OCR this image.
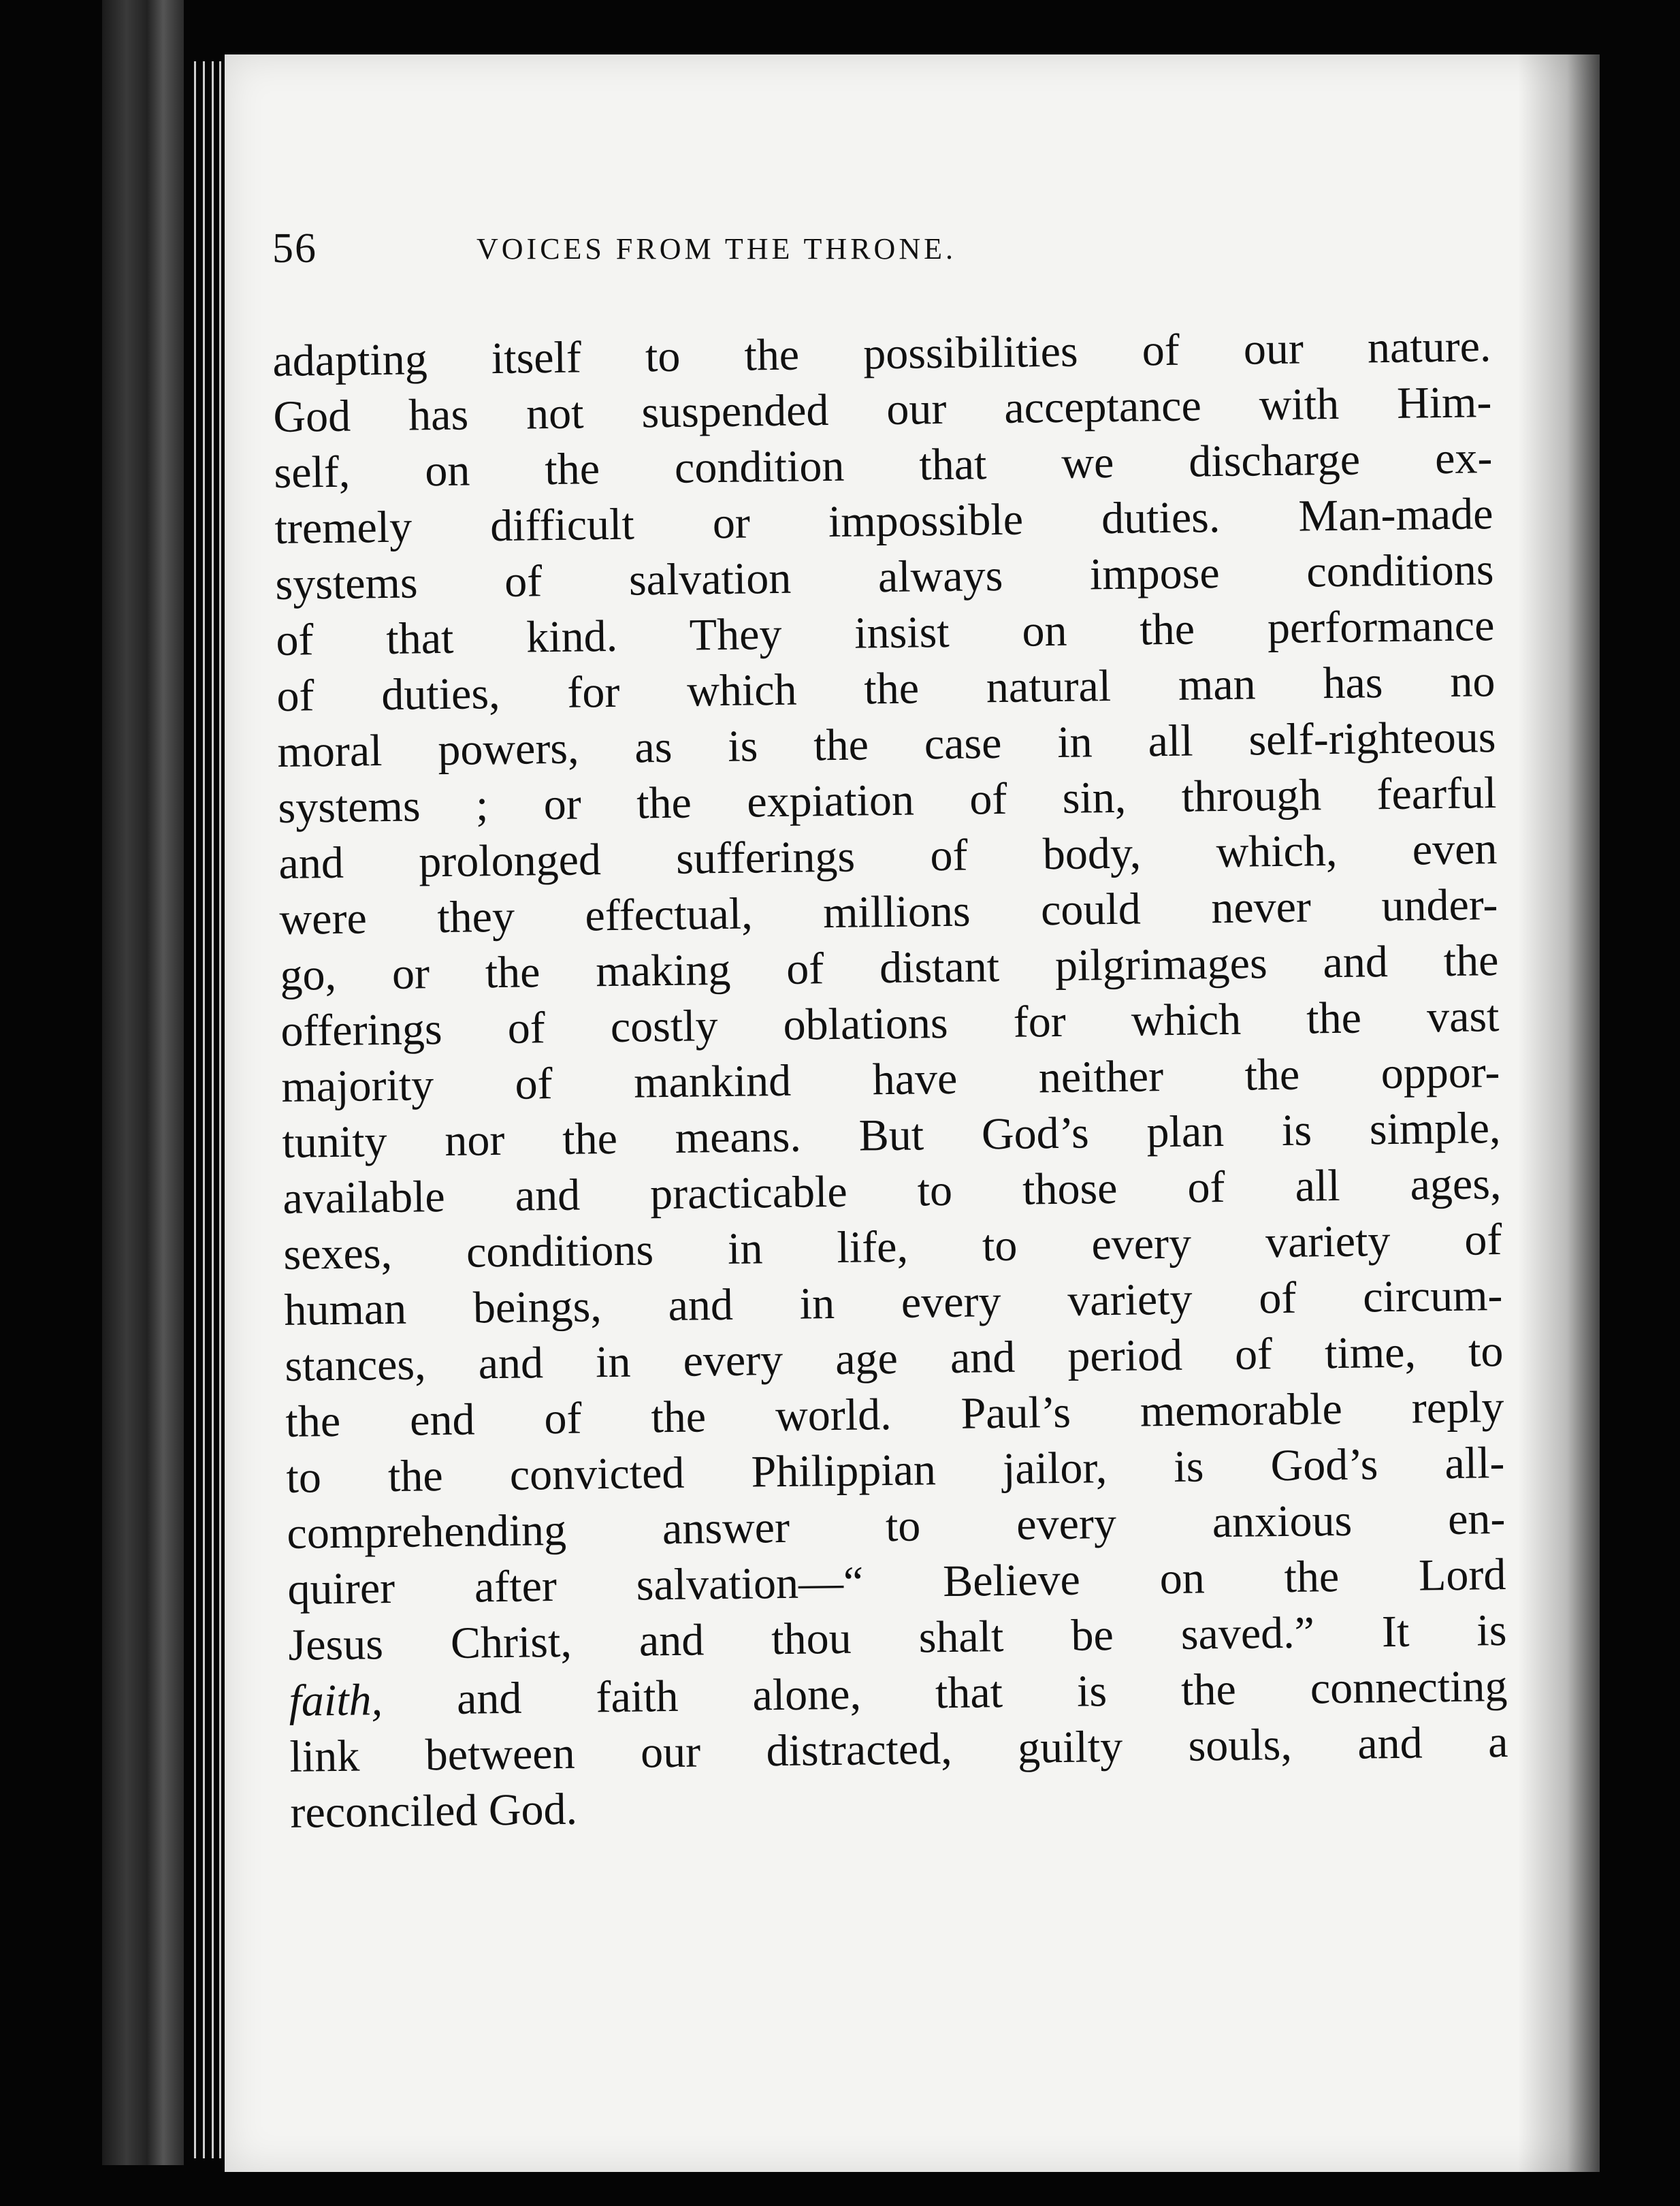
56	VOICES FROM THE THRONE.
adapting itself to the possibilities of our nature.
God has not suspended our acceptance with Him-
self, on the condition that we discharge ex-
tremely difficult or impossible duties. Man-made
systems of salvation always impose conditions
of that kind. They insist on the performance
of duties, for which the natural man has no
moral powers, as is the case in all self-righteous
systems ; or the expiation of sin, through fearful
and prolonged sufferings of body, which, even
were they effectual, millions could never under-
go, or the making of distant pilgrimages and the
offerings of costly oblations for which the vast
majority of mankind have neither the oppor-
tunity nor the means. But God’s plan is simple,
available and practicable to those of all ages,
sexes, conditions in life, to every variety of
human beings, and in every variety of circum-
stances, and in every age and period of time, to
the end of the world. Paul’s memorable reply
to the convicted Philippian jailor, is God’s all-
comprehending answer to every anxious en-
quirer after salvation—“ Believe on the Lord
Jesus Christ, and thou shalt be saved.” It is
faith, and faith alone, that is the connecting
link between our distracted, guilty souls, and a
reconciled God.
